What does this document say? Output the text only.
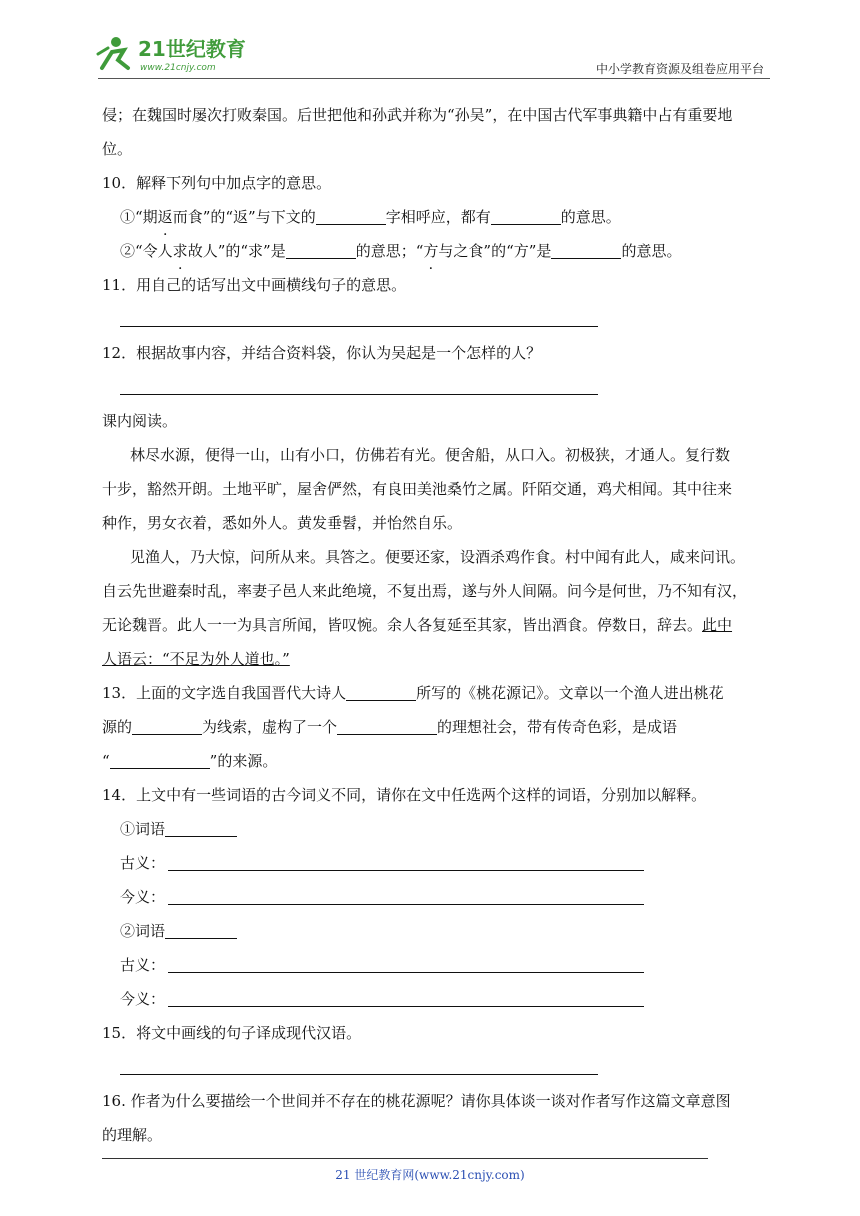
21世纪教育
www.21cnjy.com	中小学教育资源及组卷应用平台
侵；在魏国时屡次打败秦国。后世把他和孙武并称为“孙吴”，在中国古代军事典籍中占有重要地
位。
10．解释下列句中加点字的意思。
①“期返而食”的“返”与下文的	字相呼应，都有	的意思。
②“令人求故人”的“求”是	的意思；“方与之食”的“方”是	的意思。
11．用自己的话写出文中画横线句子的意思。
12．根据故事内容，并结合资料袋，你认为吴起是一个怎样的人？
课内阅读。
林尽水源，便得一山，山有小口，仿佛若有光。便舍船，从口入。初极狭，才通人。复行数
十步，豁然开朗。土地平旷，屋舍俨然，有良田美池桑竹之属。阡陌交通，鸡犬相闻。其中往来
种作，男女衣着，悉如外人。黄发垂髫，并怡然自乐。
见渔人，乃大惊，问所从来。具答之。便要还家，设酒杀鸡作食。村中闻有此人，咸来问讯。
自云先世避秦时乱，率妻子邑人来此绝境，不复出焉，遂与外人间隔。问今是何世，乃不知有汉，
无论魏晋。此人一一为具言所闻，皆叹惋。余人各复延至其家，皆出酒食。停数日，辞去。此中
人语云：“不足为外人道也。”
13．上面的文字选自我国晋代大诗人	所写的《桃花源记》。文章以一个渔人进出桃花
源的	为线索，虚构了一个	的理想社会，带有传奇色彩，是成语
“	”的来源。
14．上文中有一些词语的古今词义不同，请你在文中任选两个这样的词语，分别加以解释。
①词语
古义：
今义：
②词语
古义：
今义：
15．将文中画线的句子译成现代汉语。
16. 作者为什么要描绘一个世间并不存在的桃花源呢？请你具体谈一谈对作者写作这篇文章意图
的理解。
21 世纪教育网(www.21cnjy.com)
